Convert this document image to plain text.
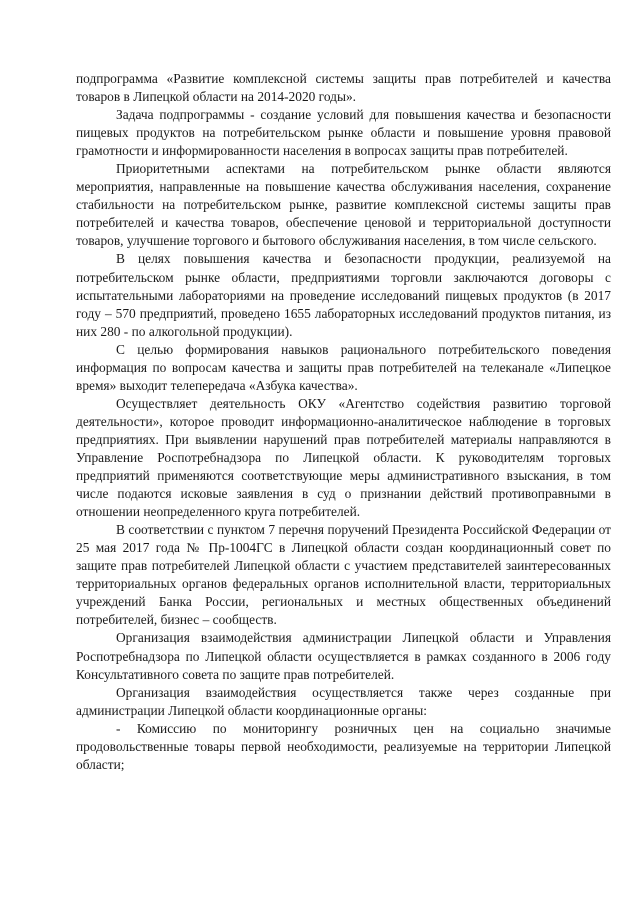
подпрограмма «Развитие комплексной системы защиты прав потребителей и качества товаров в Липецкой области на 2014-2020 годы».

Задача подпрограммы - создание условий для повышения качества и безопасности пищевых продуктов на потребительском рынке области и повышение уровня правовой грамотности и информированности населения в вопросах защиты прав потребителей.

Приоритетными аспектами на потребительском рынке области являются мероприятия, направленные на повышение качества обслуживания населения, сохранение стабильности на потребительском рынке, развитие комплексной системы защиты прав потребителей и качества товаров, обеспечение ценовой и территориальной доступности товаров, улучшение торгового и бытового обслуживания населения, в том числе сельского.

В целях повышения качества и безопасности продукции, реализуемой на потребительском рынке области, предприятиями торговли заключаются договоры с испытательными лабораториями на проведение исследований пищевых продуктов (в 2017 году – 570 предприятий, проведено 1655 лабораторных исследований продуктов питания, из них 280 - по алкогольной продукции).

С целью формирования навыков рационального потребительского поведения информация по вопросам качества и защиты прав потребителей на телеканале «Липецкое время» выходит телепередача «Азбука качества».

Осуществляет деятельность ОКУ «Агентство содействия развитию торговой деятельности», которое проводит информационно-аналитическое наблюдение в торговых предприятиях. При выявлении нарушений прав потребителей материалы направляются в Управление Роспотребнадзора по Липецкой области. К руководителям торговых предприятий применяются соответствующие меры административного взыскания, в том числе подаются исковые заявления в суд о признании действий противоправными в отношении неопределенного круга потребителей.

В соответствии с пунктом 7 перечня поручений Президента Российской Федерации от 25 мая 2017 года № Пр-1004ГС в Липецкой области создан координационный совет по защите прав потребителей Липецкой области с участием представителей заинтересованных территориальных органов федеральных органов исполнительной власти, территориальных учреждений Банка России, региональных и местных общественных объединений потребителей, бизнес – сообществ.

Организация взаимодействия администрации Липецкой области и Управления Роспотребнадзора по Липецкой области осуществляется в рамках созданного в 2006 году Консультативного совета по защите прав потребителей.

Организация взаимодействия осуществляется также через созданные при администрации Липецкой области координационные органы:

- Комиссию по мониторингу розничных цен на социально значимые продовольственные товары первой необходимости, реализуемые на территории Липецкой области;
